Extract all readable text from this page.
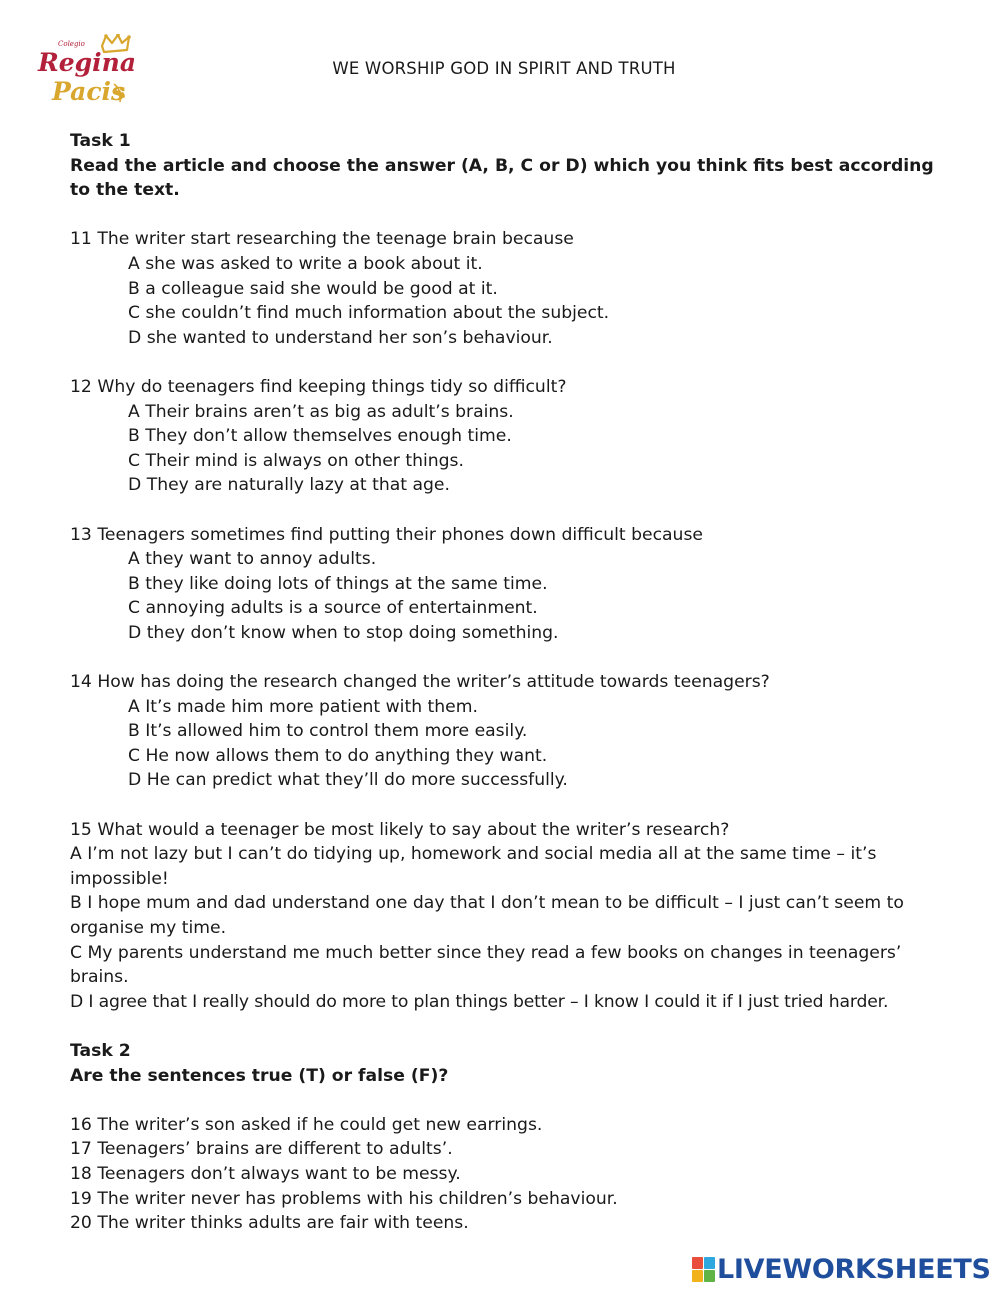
Colegio
Regina
Pacis
WE WORSHIP GOD IN SPIRIT AND TRUTH

Task 1

Read the article and choose the answer (A, B, C or D) which you think fits best according to the text.

11 The writer start researching the teenage brain because

A she was asked to write a book about it.

B a colleague said she would be good at it.

C she couldn’t find much information about the subject.

D she wanted to understand her son’s behaviour.

12 Why do teenagers find keeping things tidy so difficult?

A Their brains aren’t as big as adult’s brains.

B They don’t allow themselves enough time.

C Their mind is always on other things.

D They are naturally lazy at that age.

13 Teenagers sometimes find putting their phones down difficult because

A they want to annoy adults.

B they like doing lots of things at the same time.

C annoying adults is a source of entertainment.

D they don’t know when to stop doing something.

14 How has doing the research changed the writer’s attitude towards teenagers?

A It’s made him more patient with them.

B It’s allowed him to control them more easily.

C He now allows them to do anything they want.

D He can predict what they’ll do more successfully.

15 What would a teenager be most likely to say about the writer’s research?

A I’m not lazy but I can’t do tidying up, homework and social media all at the same time – it’s impossible!

B I hope mum and dad understand one day that I don’t mean to be difficult – I just can’t seem to organise my time.

C My parents understand me much better since they read a few books on changes in teenagers’ brains.

D I agree that I really should do more to plan things better – I know I could it if I just tried harder.

Task 2

Are the sentences true (T) or false (F)?

16 The writer’s son asked if he could get new earrings.

17 Teenagers’ brains are different to adults’.

18 Teenagers don’t always want to be messy.

19 The writer never has problems with his children’s behaviour.

20 The writer thinks adults are fair with teens.

LIVEWORKSHEETS
